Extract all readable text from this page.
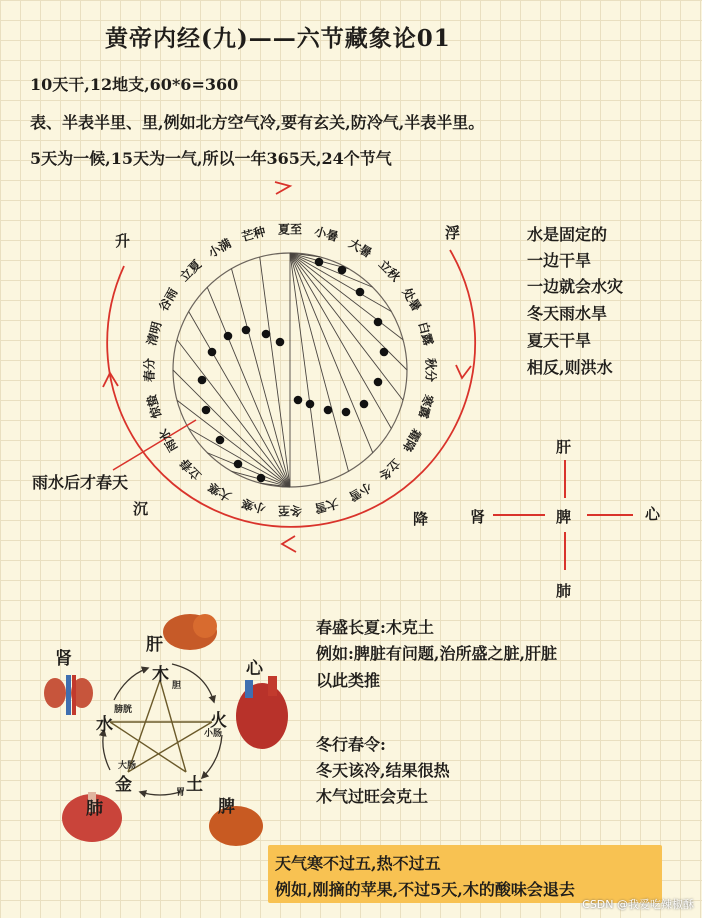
黄帝内经(九)——六节藏象论01
10天干,12地支,60*6=360
表、半表半里、里,例如北方空气冷,要有玄关,防冷气,半表半里。
5天为一候,15天为一气,所以一年365天,24个节气
夏至 小暑
大暑
立秋
处暑
白露
秋分
寒露
霜降
立冬
小雪
大雪
冬至
小寒
大寒
立春
雨水
惊蛰
春分
清明
谷雨
立夏
小满
芒种
升	浮
沉
降
雨水后才春天
水是固定的
一边干旱
一边就会水灾
冬天雨水旱
夏天干旱
相反,则洪水
肝
肾	脾	心
肺
肝
木
胆
心
火
小肠
土
胃
脾
金
大肠
肺
水
膀胱
肾
春盛长夏:木克土
例如:脾脏有问题,治所盛之脏,肝脏
以此类推
冬行春令:
冬天该冷,结果很热
木气过旺会克土
天气寒不过五,热不过五
例如,刚摘的苹果,不过5天,木的酸味会退去
CSDN @我爱吃辣椒酥
